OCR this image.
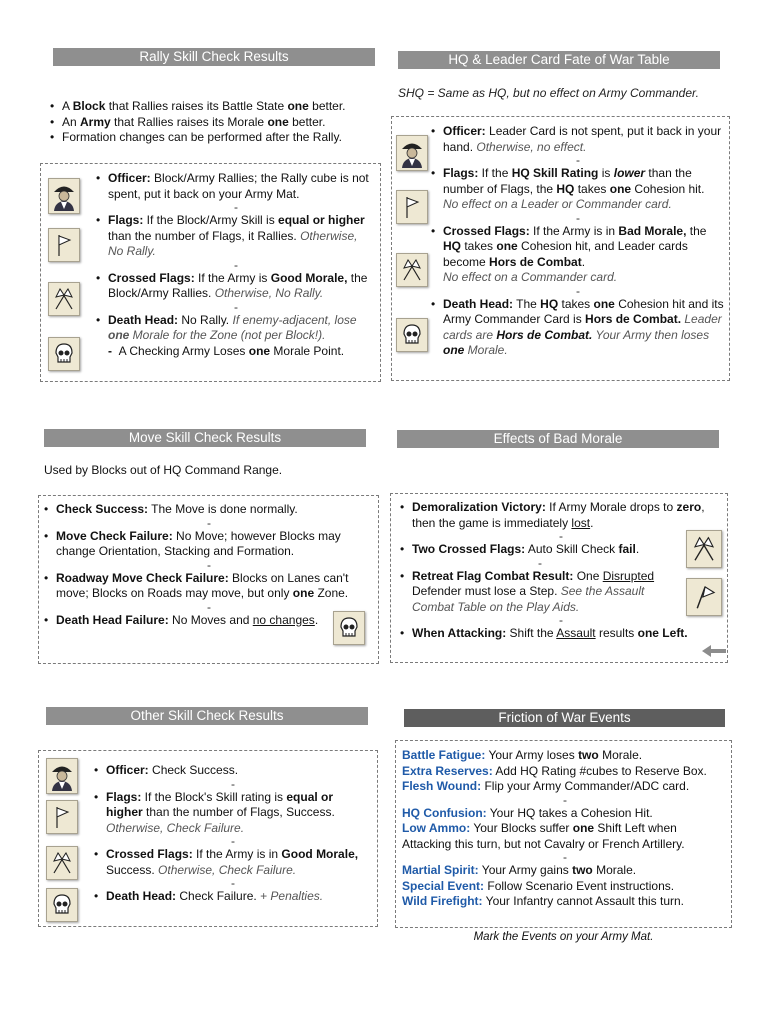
Rally Skill Check Results
• A Block that Rallies raises its Battle State one better.
• An Army that Rallies raises its Morale one better.
• Formation changes can be performed after the Rally.
• Officer: Block/Army Rallies; the Rally cube is not spent, put it back on your Army Mat.
-
• Flags: If the Block/Army Skill is equal or higher than the number of Flags, it Rallies. Otherwise, No Rally.
-
• Crossed Flags: If the Army is Good Morale, the Block/Army Rallies. Otherwise, No Rally.
-
• Death Head: No Rally. If enemy-adjacent, lose one Morale for the Zone (not per Block!).
- A Checking Army Loses one Morale Point.
HQ & Leader Card Fate of War Table
SHQ = Same as HQ, but no effect on Army Commander.
• Officer: Leader Card is not spent, put it back in your hand. Otherwise, no effect.
-
• Flags: If the HQ Skill Rating is lower than the number of Flags, the HQ takes one Cohesion hit.
No effect on a Leader or Commander card.
-
• Crossed Flags: If the Army is in Bad Morale, the HQ takes one Cohesion hit, and Leader cards become Hors de Combat.
No effect on a Commander card.
-
• Death Head: The HQ takes one Cohesion hit and its Army Commander Card is Hors de Combat. Leader cards are Hors de Combat. Your Army then loses one Morale.
Move Skill Check Results
Used by Blocks out of HQ Command Range.
• Check Success: The Move is done normally.
-
• Move Check Failure: No Move; however Blocks may change Orientation, Stacking and Formation.
-
• Roadway Move Check Failure: Blocks on Lanes can't move; Blocks on Roads may move, but only one Zone.
-
• Death Head Failure: No Moves and no changes.
Effects of Bad Morale
• Demoralization Victory: If Army Morale drops to zero, then the game is immediately lost.
-
• Two Crossed Flags: Auto Skill Check fail.
-
• Retreat Flag Combat Result: One Disrupted Defender must lose a Step. See the Assault Combat Table on the Play Aids.
-
• When Attacking: Shift the Assault results one Left.
Other Skill Check Results
• Officer: Check Success.
-
• Flags: If the Block's Skill rating is equal or higher than the number of Flags, Success. Otherwise, Check Failure.
-
• Crossed Flags: If the Army is in Good Morale, Success. Otherwise, Check Failure.
-
• Death Head: Check Failure. + Penalties.
Friction of War Events
Battle Fatigue: Your Army loses two Morale.
Extra Reserves: Add HQ Rating #cubes to Reserve Box.
Flesh Wound: Flip your Army Commander/ADC card.
-
HQ Confusion: Your HQ takes a Cohesion Hit.
Low Ammo: Your Blocks suffer one Shift Left when Attacking this turn, but not Cavalry or French Artillery.
-
Martial Spirit: Your Army gains two Morale.
Special Event: Follow Scenario Event instructions.
Wild Firefight: Your Infantry cannot Assault this turn.
Mark the Events on your Army Mat.
